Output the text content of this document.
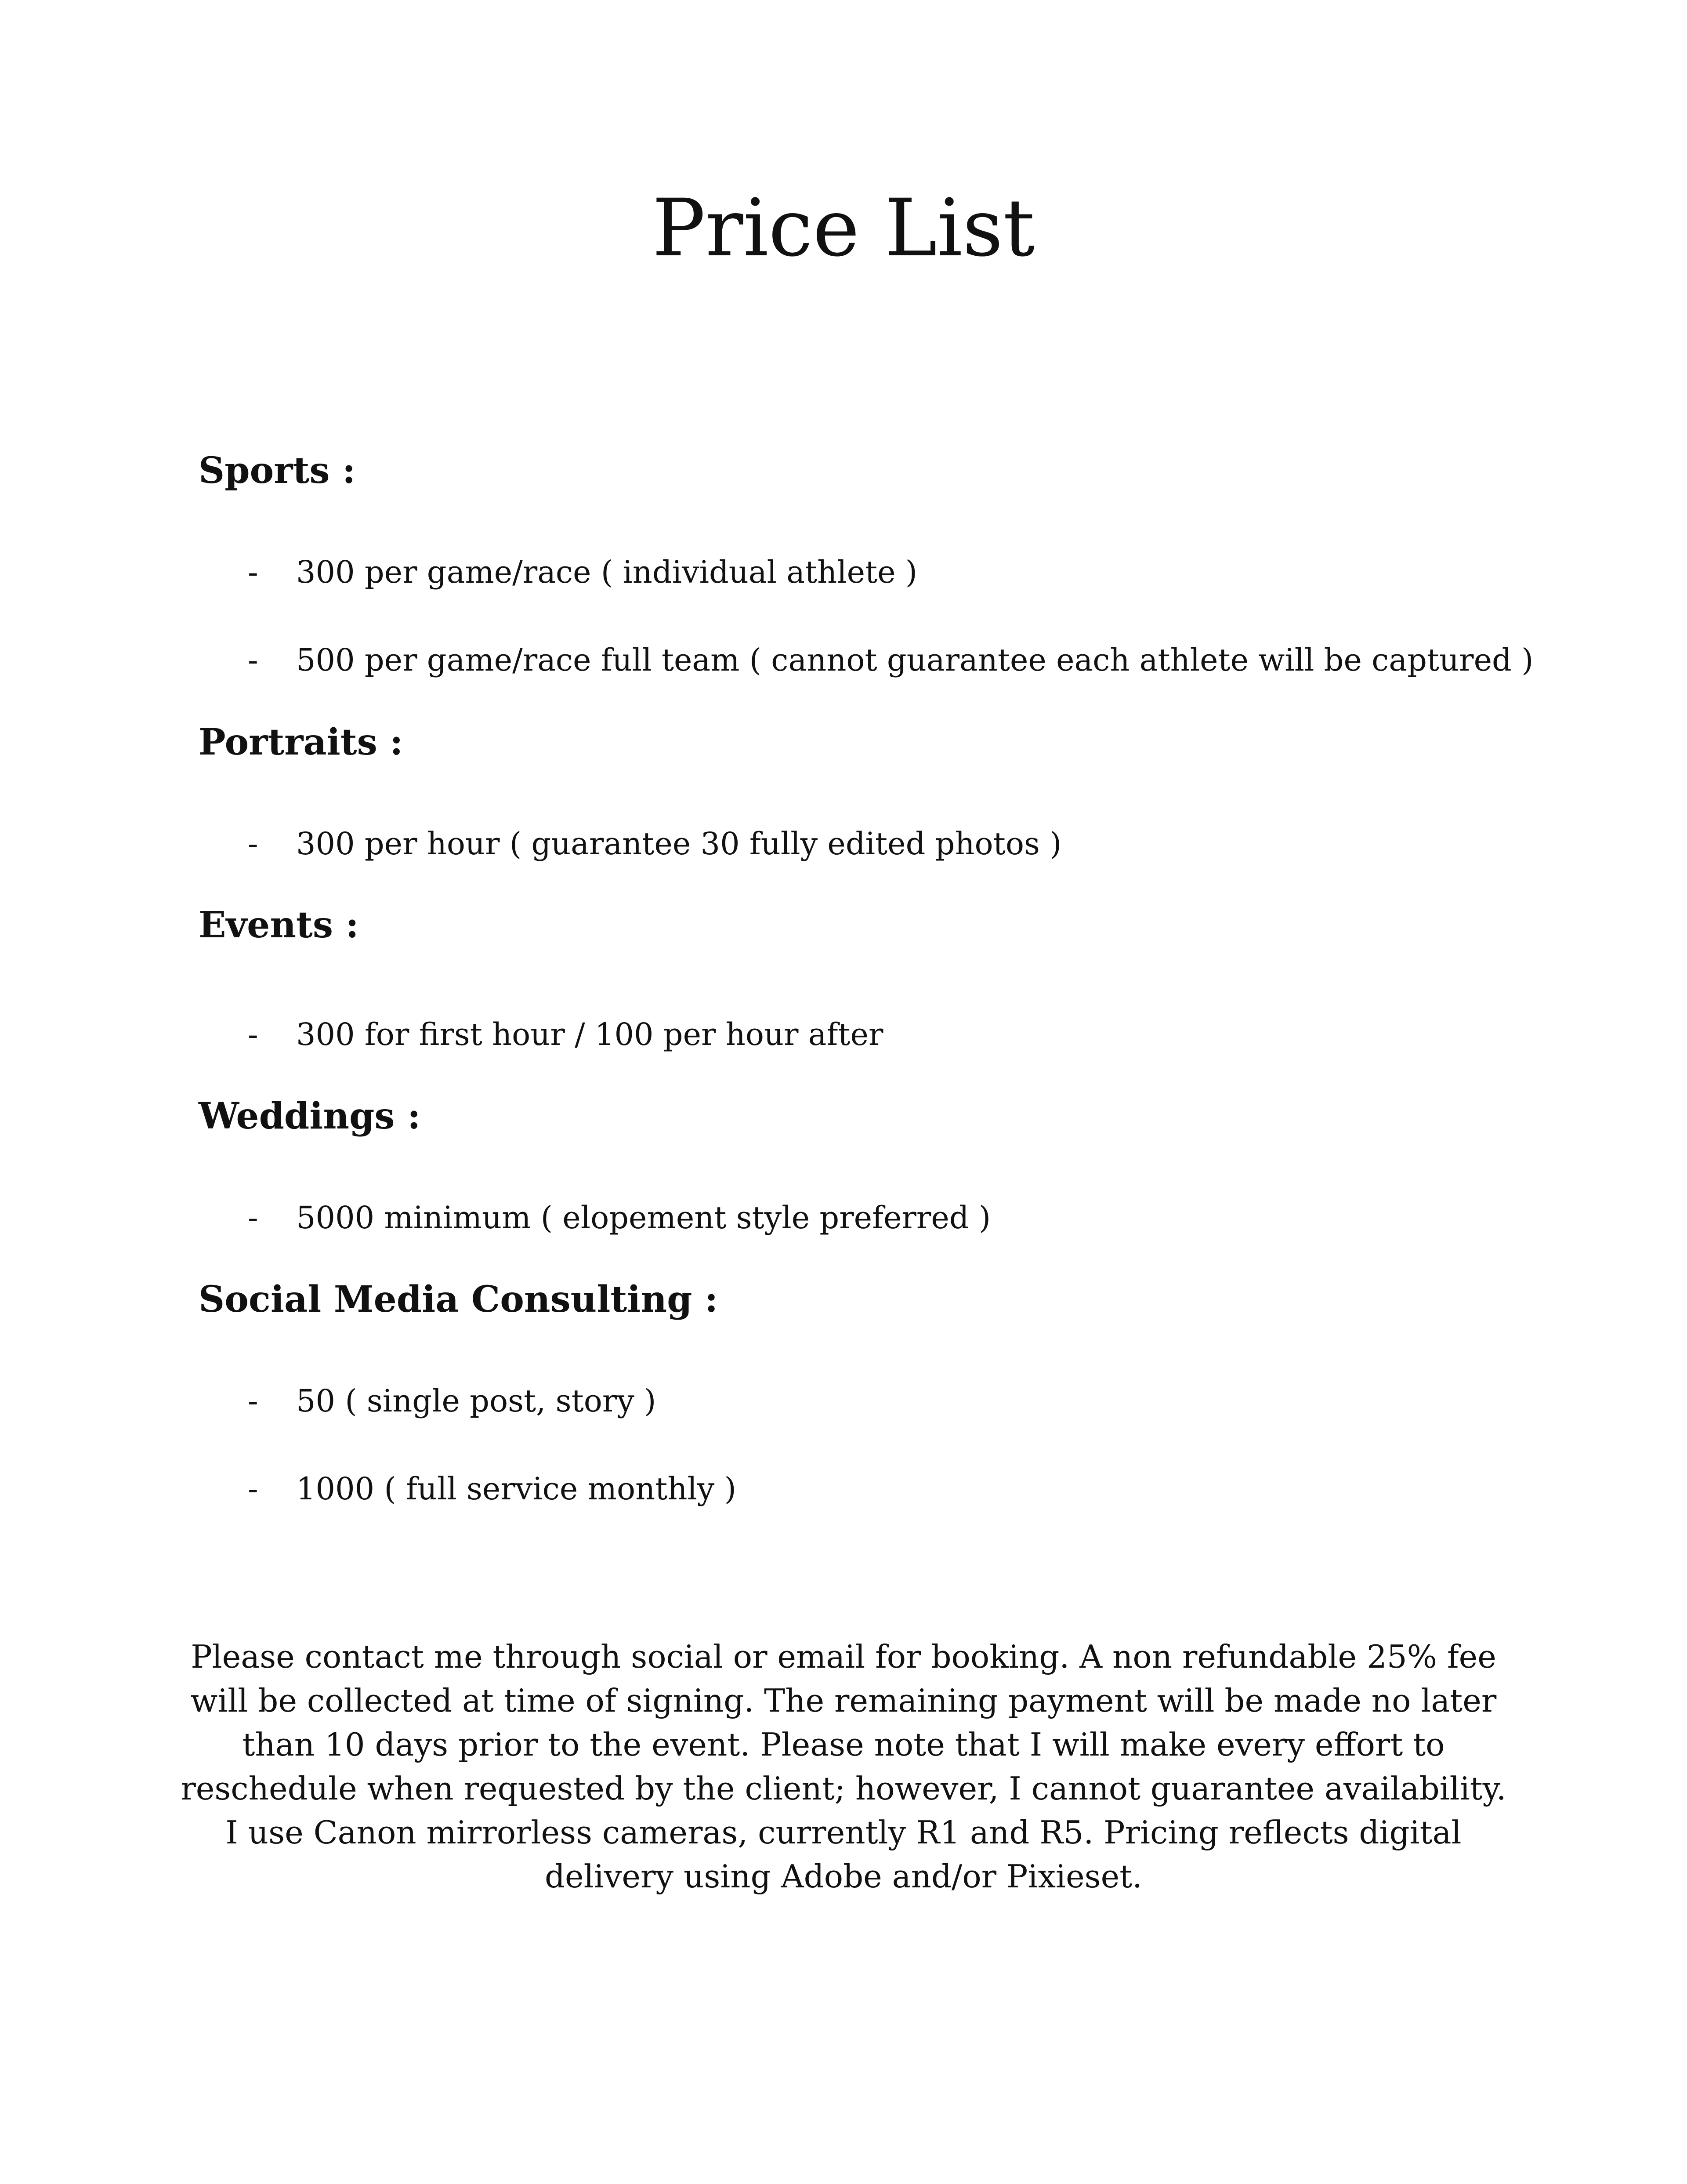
Price List
Sports :
- 300 per game/race ( individual athlete )
- 500 per game/race full team ( cannot guarantee each athlete will be captured )
Portraits :
- 300 per hour ( guarantee 30 fully edited photos )
Events :
- 300 for first hour / 100 per hour after
Weddings :
- 5000 minimum ( elopement style preferred )
Social Media Consulting :
- 50 ( single post, story )
- 1000 ( full service monthly )

Please contact me through social or email for booking. A non refundable 25% fee will be collected at time of signing. The remaining payment will be made no later than 10 days prior to the event. Please note that I will make every effort to reschedule when requested by the client; however, I cannot guarantee availability. I use Canon mirrorless cameras, currently R1 and R5. Pricing reflects digital delivery using Adobe and/or Pixieset.
